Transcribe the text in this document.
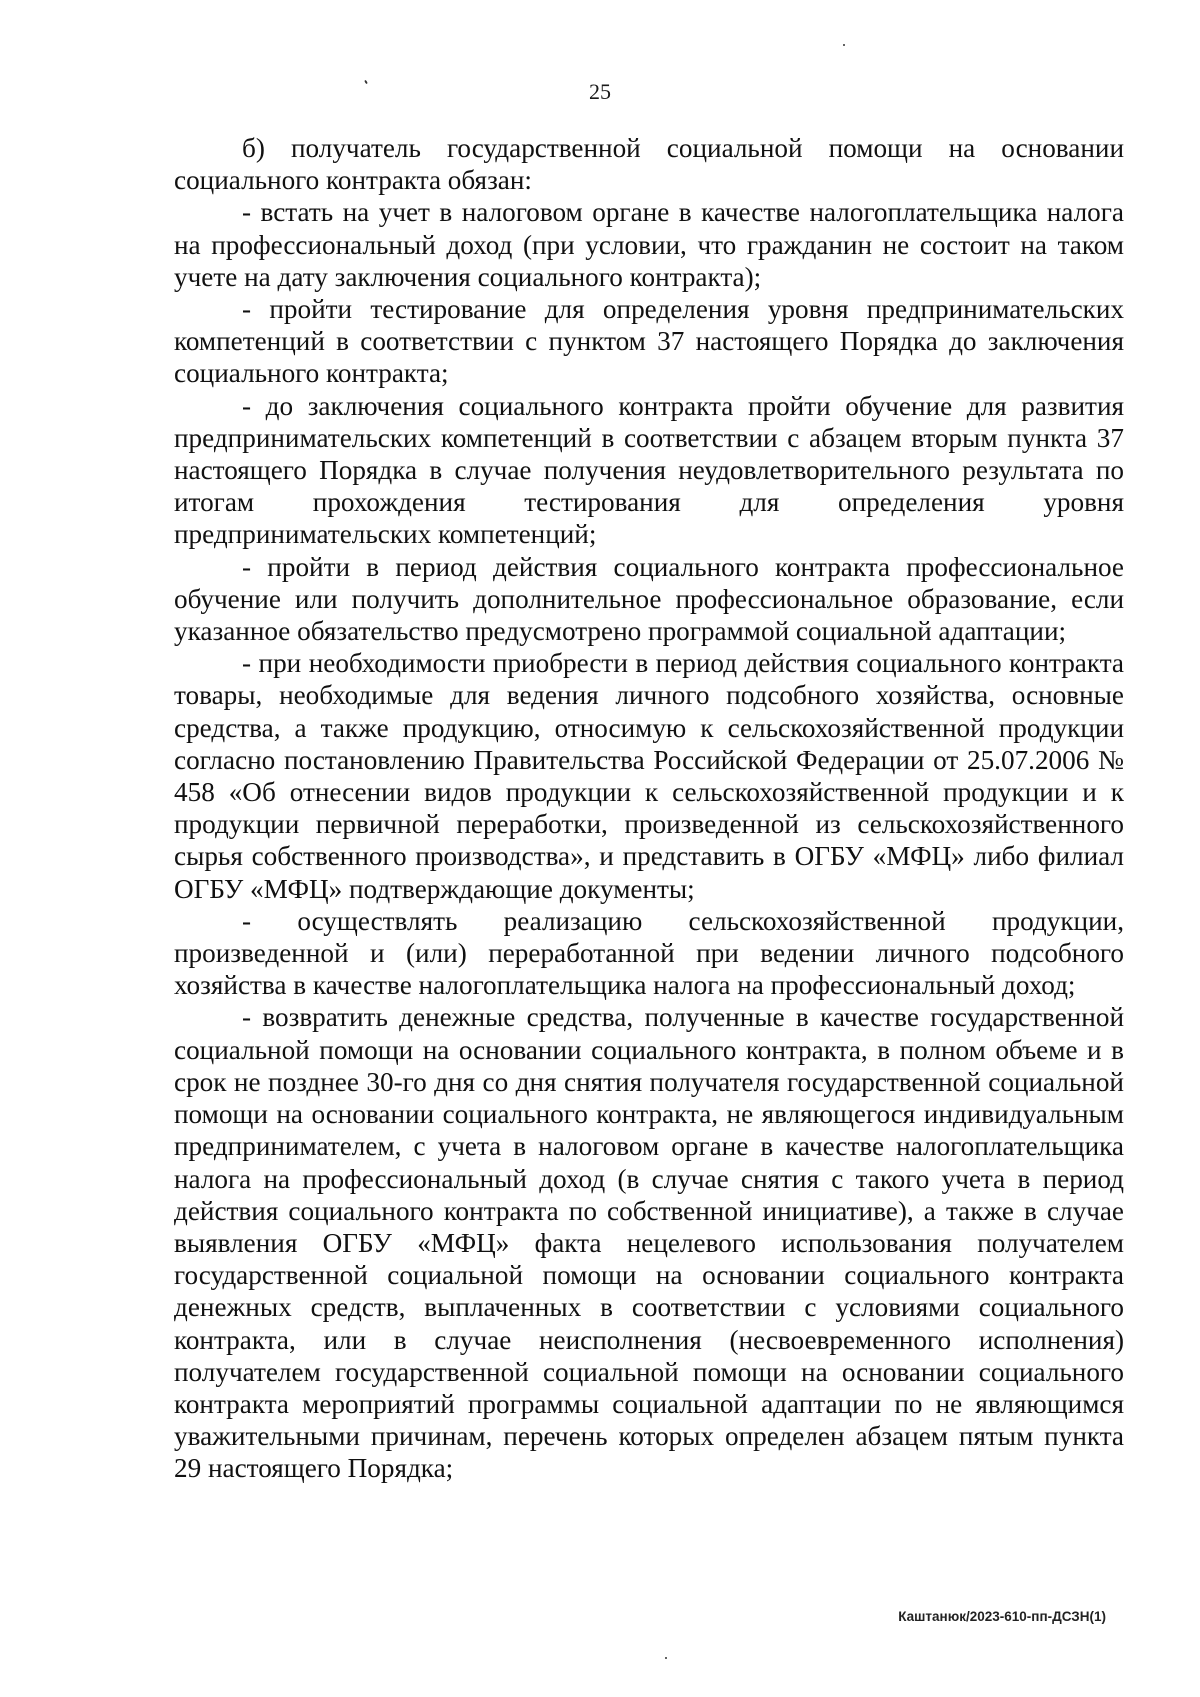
25

б) получатель государственной социальной помощи на основании социального контракта обязан:

- встать на учет в налоговом органе в качестве налогоплательщика налога на профессиональный доход (при условии, что гражданин не состоит на таком учете на дату заключения социального контракта);

- пройти тестирование для определения уровня предпринимательских компетенций в соответствии с пунктом 37 настоящего Порядка до заключения социального контракта;

- до заключения социального контракта пройти обучение для развития предпринимательских компетенций в соответствии с абзацем вторым пункта 37 настоящего Порядка в случае получения неудовлетворительного результата по итогам прохождения тестирования для определения уровня предпринимательских компетенций;

- пройти в период действия социального контракта профессиональное обучение или получить дополнительное профессиональное образование, если указанное обязательство предусмотрено программой социальной адаптации;

- при необходимости приобрести в период действия социального контракта товары, необходимые для ведения личного подсобного хозяйства, основные средства, а также продукцию, относимую к сельскохозяйственной продукции согласно постановлению Правительства Российской Федерации от 25.07.2006 № 458 «Об отнесении видов продукции к сельскохозяйственной продукции и к продукции первичной переработки, произведенной из сельскохозяйственного сырья собственного производства», и представить в ОГБУ «МФЦ» либо филиал ОГБУ «МФЦ» подтверждающие документы;

- осуществлять реализацию сельскохозяйственной продукции, произведенной и (или) переработанной при ведении личного подсобного хозяйства в качестве налогоплательщика налога на профессиональный доход;

- возвратить денежные средства, полученные в качестве государственной социальной помощи на основании социального контракта, в полном объеме и в срок не позднее 30-го дня со дня снятия получателя государственной социальной помощи на основании социального контракта, не являющегося индивидуальным предпринимателем, с учета в налоговом органе в качестве налогоплательщика налога на профессиональный доход (в случае снятия с такого учета в период действия социального контракта по собственной инициативе), а также в случае выявления ОГБУ «МФЦ» факта нецелевого использования получателем государственной социальной помощи на основании социального контракта денежных средств, выплаченных в соответствии с условиями социального контракта, или в случае неисполнения (несвоевременного исполнения) получателем государственной социальной помощи на основании социального контракта мероприятий программы социальной адаптации по не являющимся уважительными причинам, перечень которых определен абзацем пятым пункта 29 настоящего Порядка;

Каштанюк/2023-610-пп-ДСЗН(1)
